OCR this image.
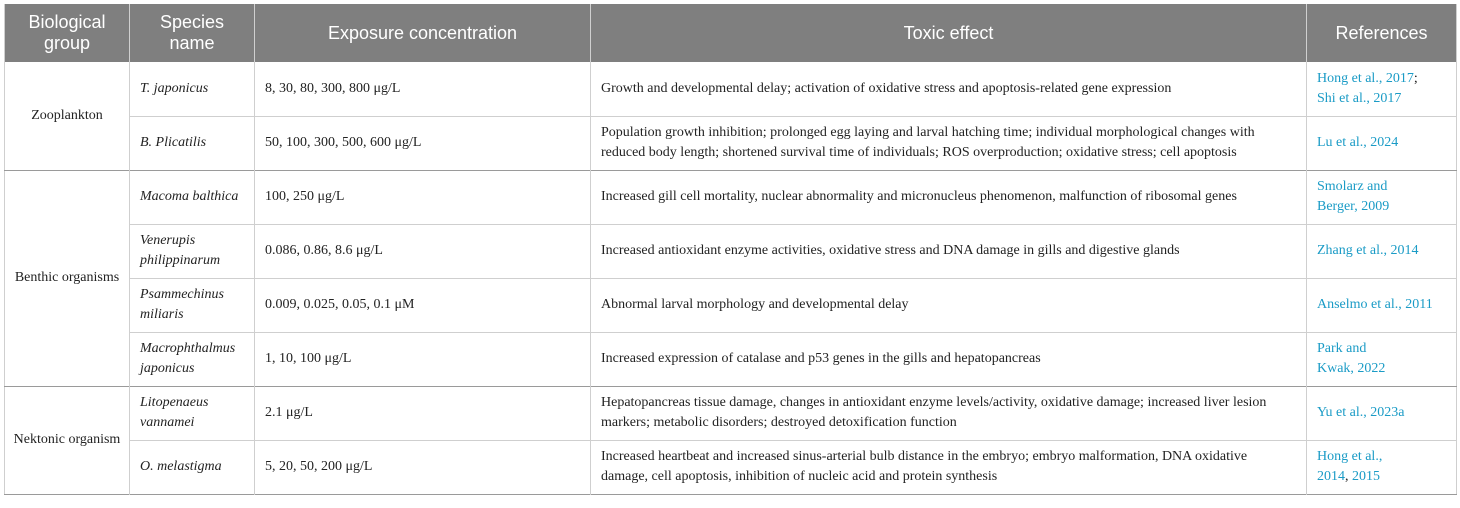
Biological group	Species name	Exposure concentration	Toxic effect	References
Zooplankton	T. japonicus	8, 30, 80, 300, 800 μg/L	Growth and developmental delay; activation of oxidative stress and apoptosis-related gene expression	Hong et al., 2017;
Shi et al., 2017

	B. Plicatilis	50, 100, 300, 500, 600 μg/L	Population growth inhibition; prolonged egg laying and larval hatching time; individual morphological changes with reduced body length; shortened survival time of individuals; ROS overproduction; oxidative stress; cell apoptosis	Lu et al., 2024

Benthic organisms	Macoma balthica	100, 250 μg/L	Increased gill cell mortality, nuclear abnormality and micronucleus phenomenon, malfunction of ribosomal genes	Smolarz and
Berger, 2009

	Venerupis philippinarum	0.086, 0.86, 8.6 μg/L	Increased antioxidant enzyme activities, oxidative stress and DNA damage in gills and digestive glands	Zhang et al., 2014

	Psammechinus miliaris	0.009, 0.025, 0.05, 0.1 μM	Abnormal larval morphology and developmental delay	Anselmo et al., 2011

	Macrophthalmus japonicus	1, 10, 100 μg/L	Increased expression of catalase and p53 genes in the gills and hepatopancreas	Park and
Kwak, 2022

Nektonic organism	Litopenaeus vannamei	2.1 μg/L	Hepatopancreas tissue damage, changes in antioxidant enzyme levels/activity, oxidative damage; increased liver lesion markers; metabolic disorders; destroyed detoxification function	Yu et al., 2023a

	O. melastigma	5, 20, 50, 200 μg/L	Increased heartbeat and increased sinus-arterial bulb distance in the embryo; embryo malformation, DNA oxidative damage, cell apoptosis, inhibition of nucleic acid and protein synthesis	Hong et al.,
2014, 2015
